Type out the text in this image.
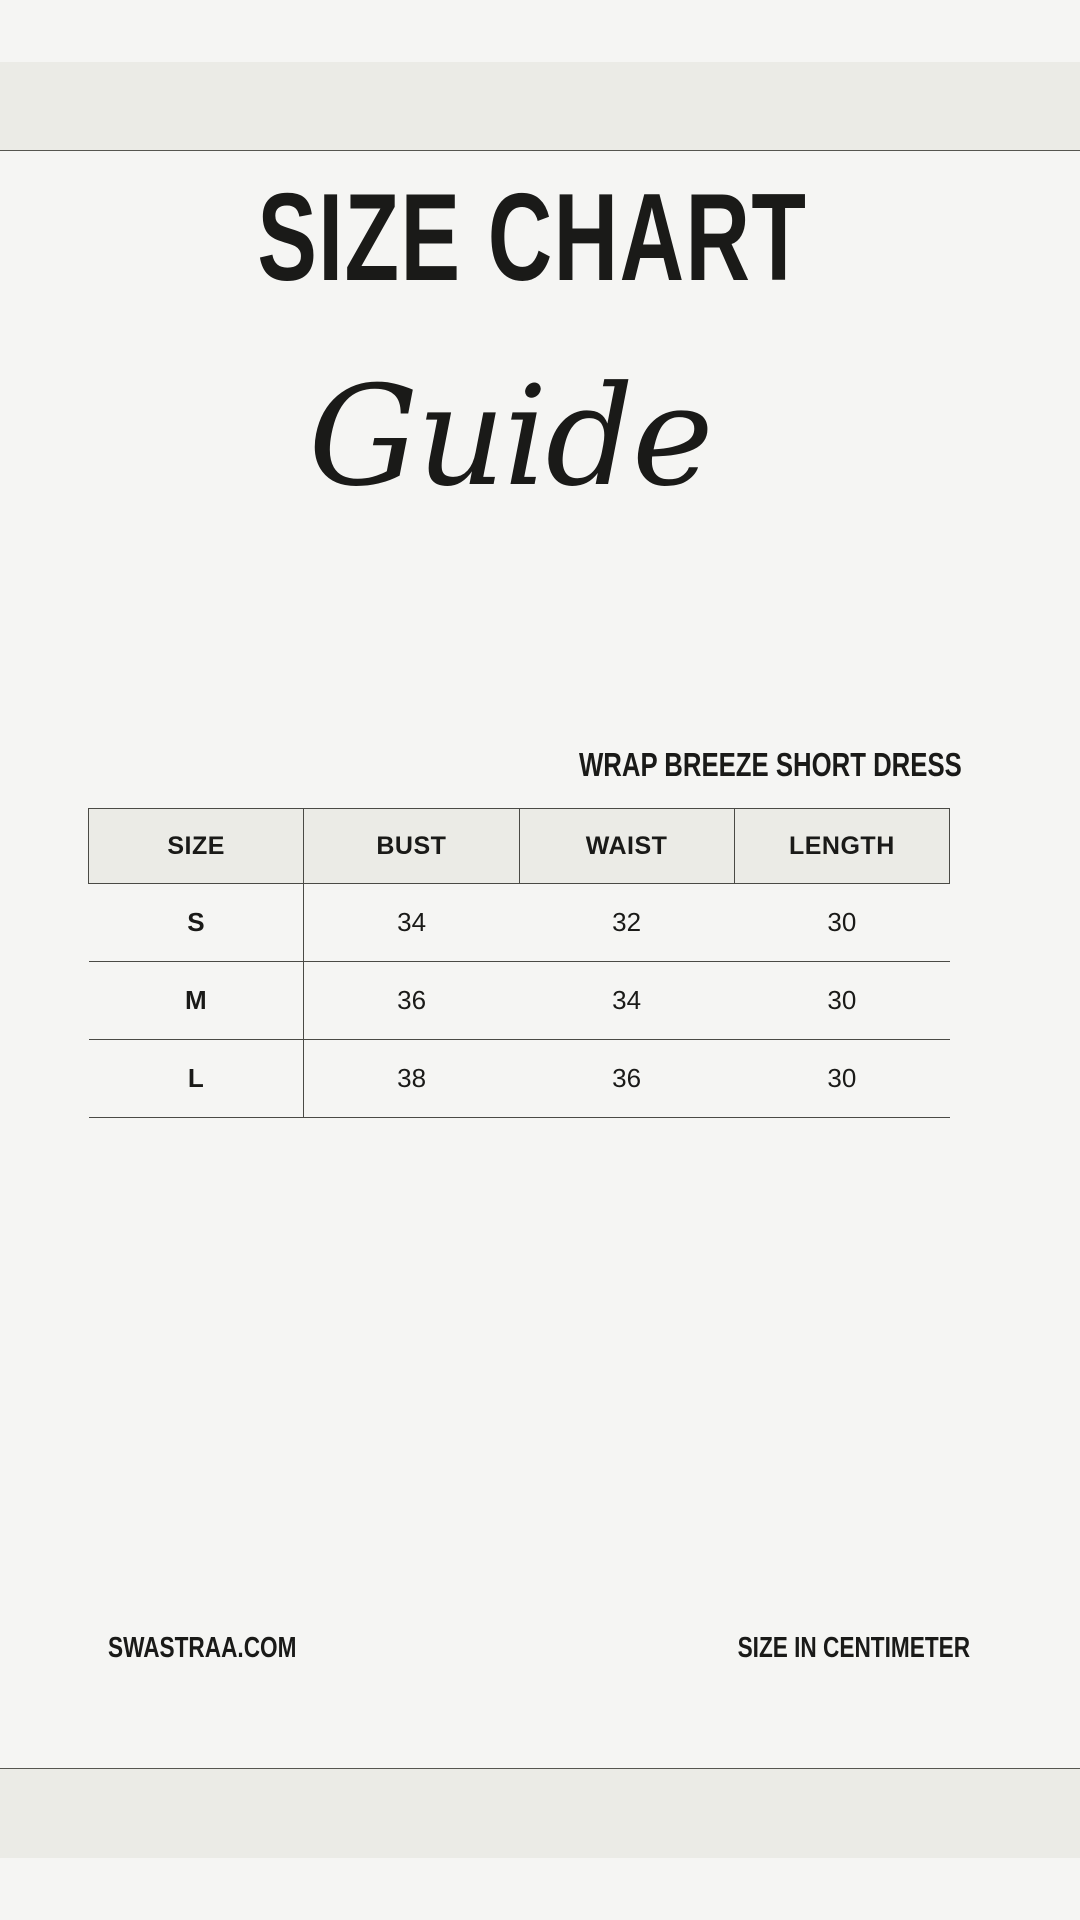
SIZE CHART
Guide
WRAP BREEZE SHORT DRESS
SIZE	BUST	WAIST	LENGTH
S	34	32	30
M	36	34	30
L	38	36	30
SWASTRAA.COM	SIZE IN CENTIMETER
